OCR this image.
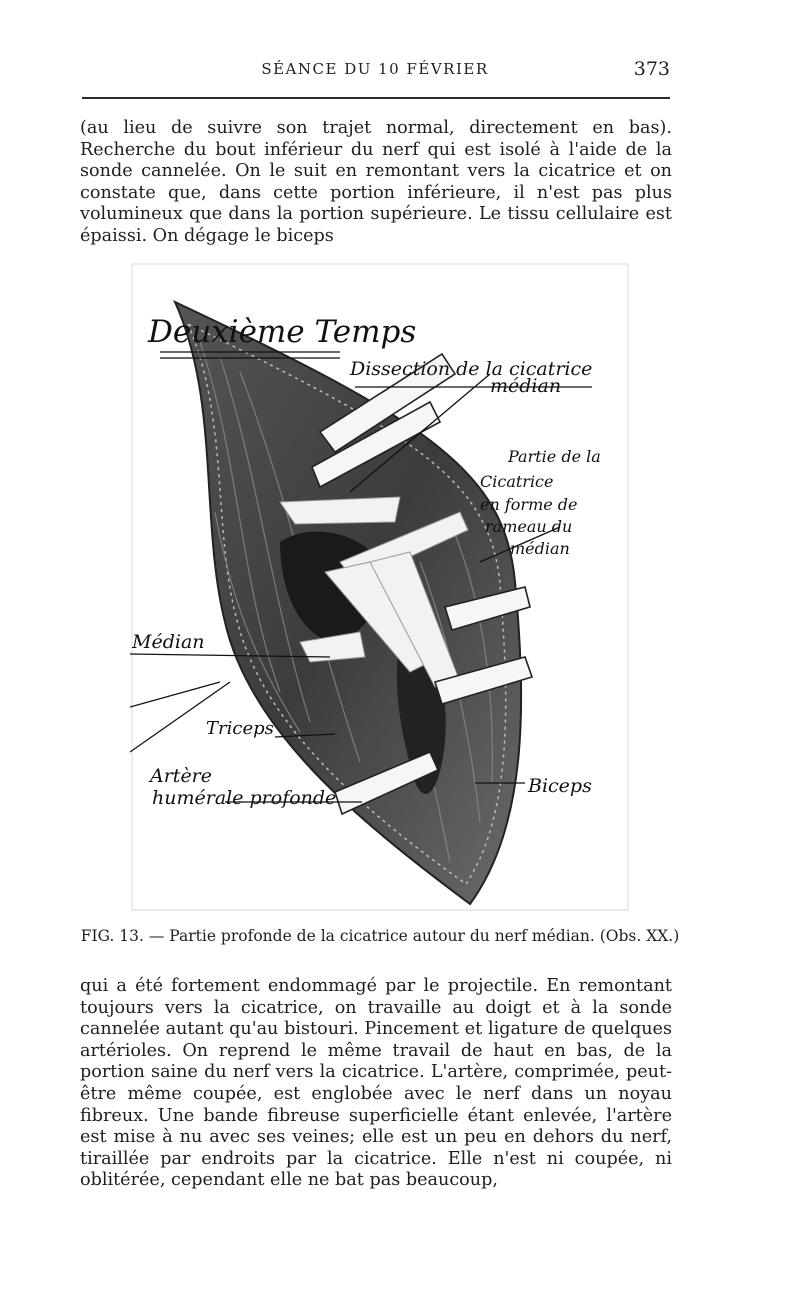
SÉANCE DU 10 FÉVRIER	373

(au lieu de suivre son trajet normal, directement en bas). Recherche du bout inférieur du nerf qui est isolé à l'aide de la sonde cannelée. On le suit en remontant vers la cicatrice et on constate que, dans cette portion inférieure, il n'est pas plus volumineux que dans la portion supérieure. Le tissu cellulaire est épaissi. On dégage le biceps

Deuxième Temps
Dissection de la cicatrice
médian
Partie de la
Cicatrice
en forme de
rameau du
médian
Médian
Triceps
Artère
humérale profonde
Biceps
FIG. 13. — Partie profonde de la cicatrice autour du nerf médian. (Obs. XX.)

qui a été fortement endommagé par le projectile. En remontant toujours vers la cicatrice, on travaille au doigt et à la sonde cannelée autant qu'au bistouri. Pincement et ligature de quelques artérioles. On reprend le même travail de haut en bas, de la portion saine du nerf vers la cicatrice. L'artère, comprimée, peut-être même coupée, est englobée avec le nerf dans un noyau fibreux. Une bande fibreuse superficielle étant enlevée, l'artère est mise à nu avec ses veines; elle est un peu en dehors du nerf, tiraillée par endroits par la cicatrice. Elle n'est ni coupée, ni oblitérée, cependant elle ne bat pas beaucoup,
